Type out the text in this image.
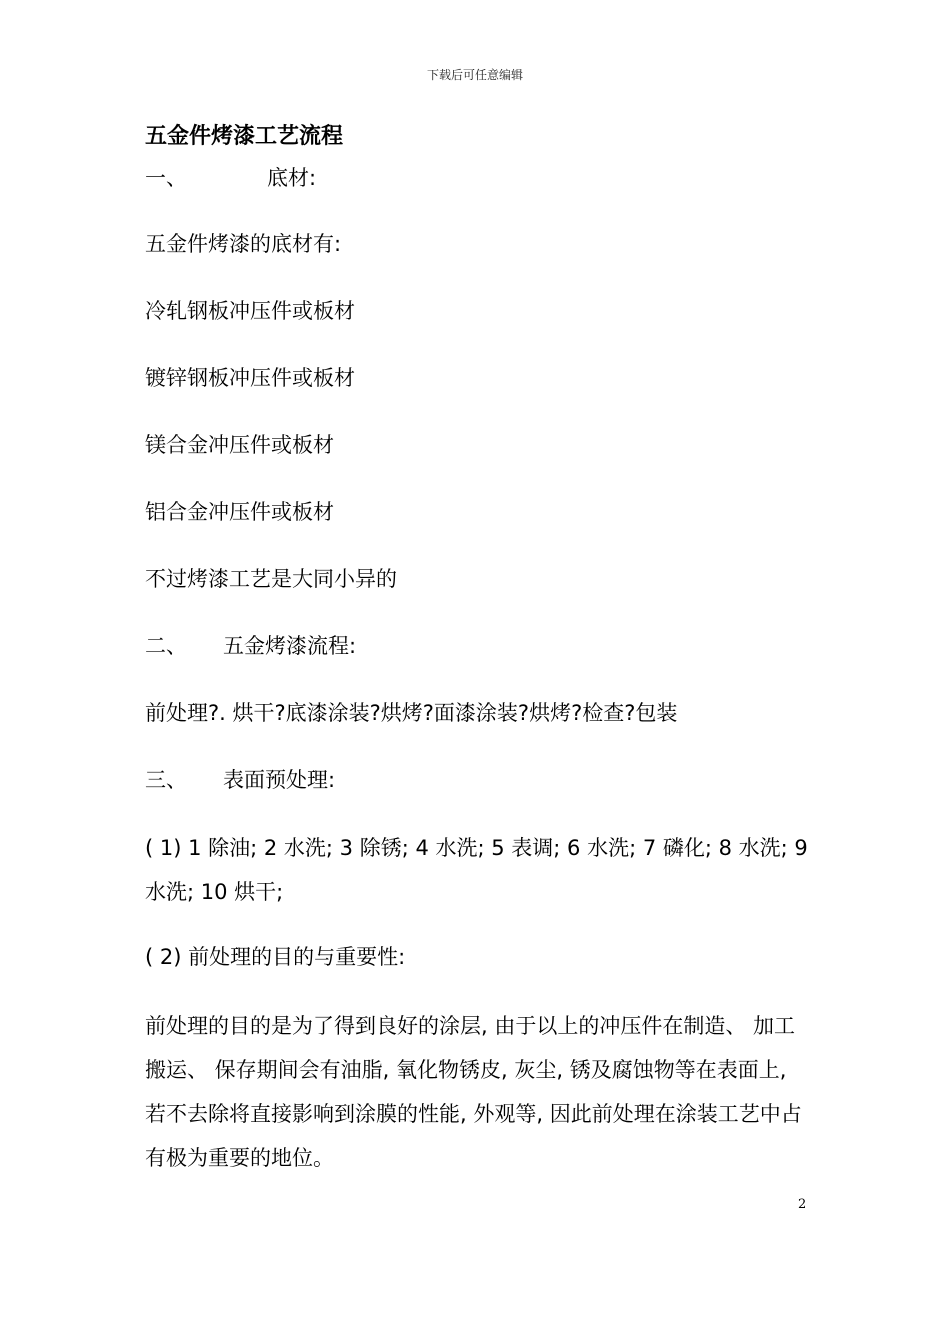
下载后可任意编辑
五金件烤漆工艺流程
一、	底材:
五金件烤漆的底材有:
冷轧钢板冲压件或板材
镀锌钢板冲压件或板材
镁合金冲压件或板材
铝合金冲压件或板材
不过烤漆工艺是大同小异的
二、 五金烤漆流程:
前处理?. 烘干?底漆涂装?烘烤?面漆涂装?烘烤?检查?包装
三、 表面预处理:
( 1) 1 除油; 2 水洗; 3 除锈; 4 水洗; 5 表调; 6 水洗; 7 磷化; 8 水洗; 9 水洗; 10 烘干;
( 2) 前处理的目的与重要性:
前处理的目的是为了得到良好的涂层, 由于以上的冲压件在制造、 加工搬运、 保存期间会有油脂, 氧化物锈皮, 灰尘, 锈及腐蚀物等在表面上, 若不去除将直接影响到涂膜的性能, 外观等, 因此前处理在涂装工艺中占有极为重要的地位。
2
